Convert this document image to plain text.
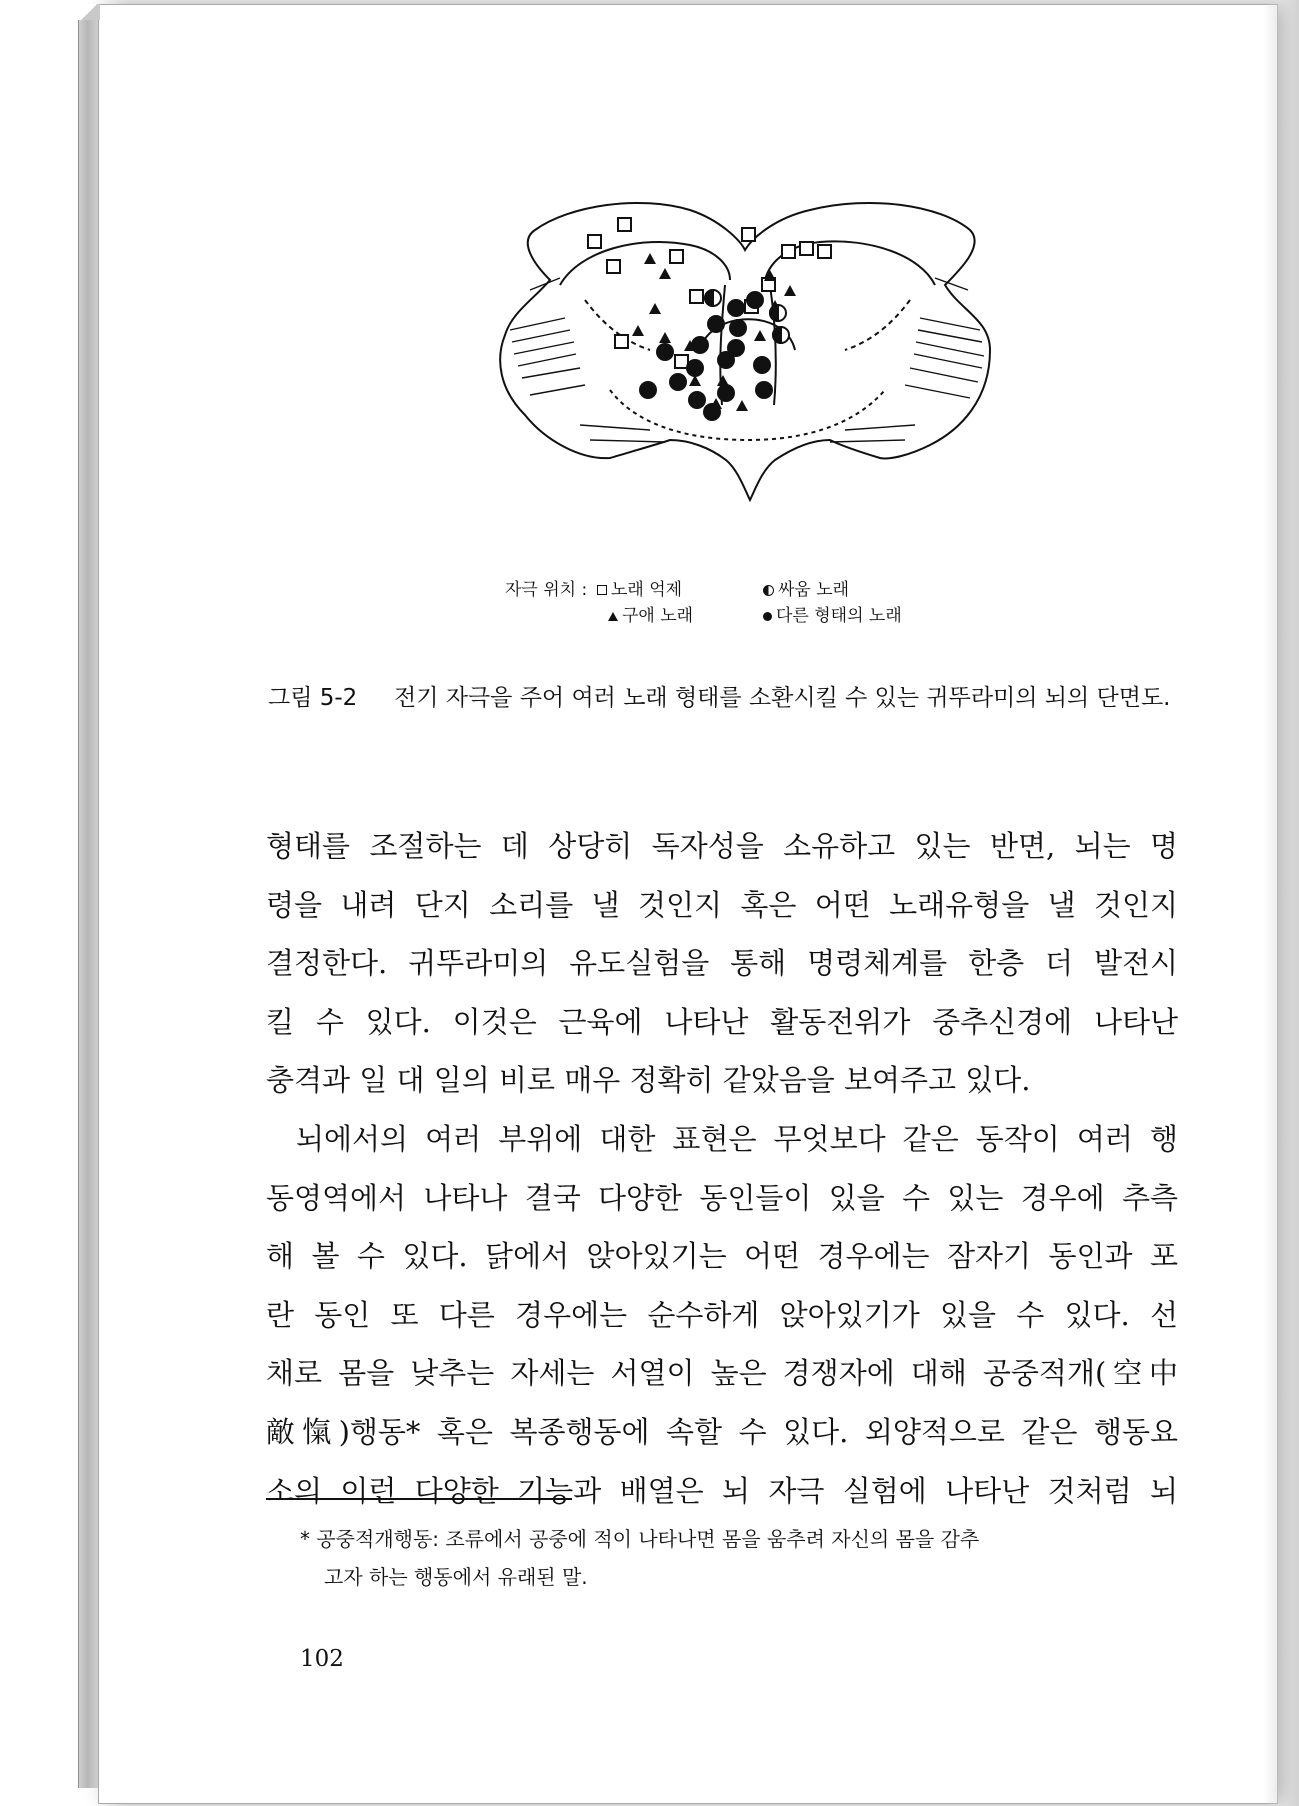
자극 위치 :	노래 억제	싸움 노래
구애 노래	다른 형태의 노래
그림 5-2 전기 자극을 주어 여러 노래 형태를 소환시킬 수 있는 귀뚜라미의 뇌의 단면도.
형태를 조절하는 데 상당히 독자성을 소유하고 있는 반면, 뇌는 명
령을 내려 단지 소리를 낼 것인지 혹은 어떤 노래유형을 낼 것인지
결정한다. 귀뚜라미의 유도실험을 통해 명령체계를 한층 더 발전시
킬 수 있다. 이것은 근육에 나타난 활동전위가 중추신경에 나타난
충격과 일 대 일의 비로 매우 정확히 같았음을 보여주고 있다.
뇌에서의 여러 부위에 대한 표현은 무엇보다 같은 동작이 여러 행
동영역에서 나타나 결국 다양한 동인들이 있을 수 있는 경우에 추측
해 볼 수 있다. 닭에서 앉아있기는 어떤 경우에는 잠자기 동인과 포
란 동인 또 다른 경우에는 순수하게 앉아있기가 있을 수 있다. 선
채로 몸을 낮추는 자세는 서열이 높은 경쟁자에 대해 공중적개(空中
敵愾)행동* 혹은 복종행동에 속할 수 있다. 외양적으로 같은 행동요
소의 이런 다양한 기능과 배열은 뇌 자극 실험에 나타난 것처럼 뇌
* 공중적개행동: 조류에서 공중에 적이 나타나면 몸을 움추려 자신의 몸을 감추
고자 하는 행동에서 유래된 말.
102
